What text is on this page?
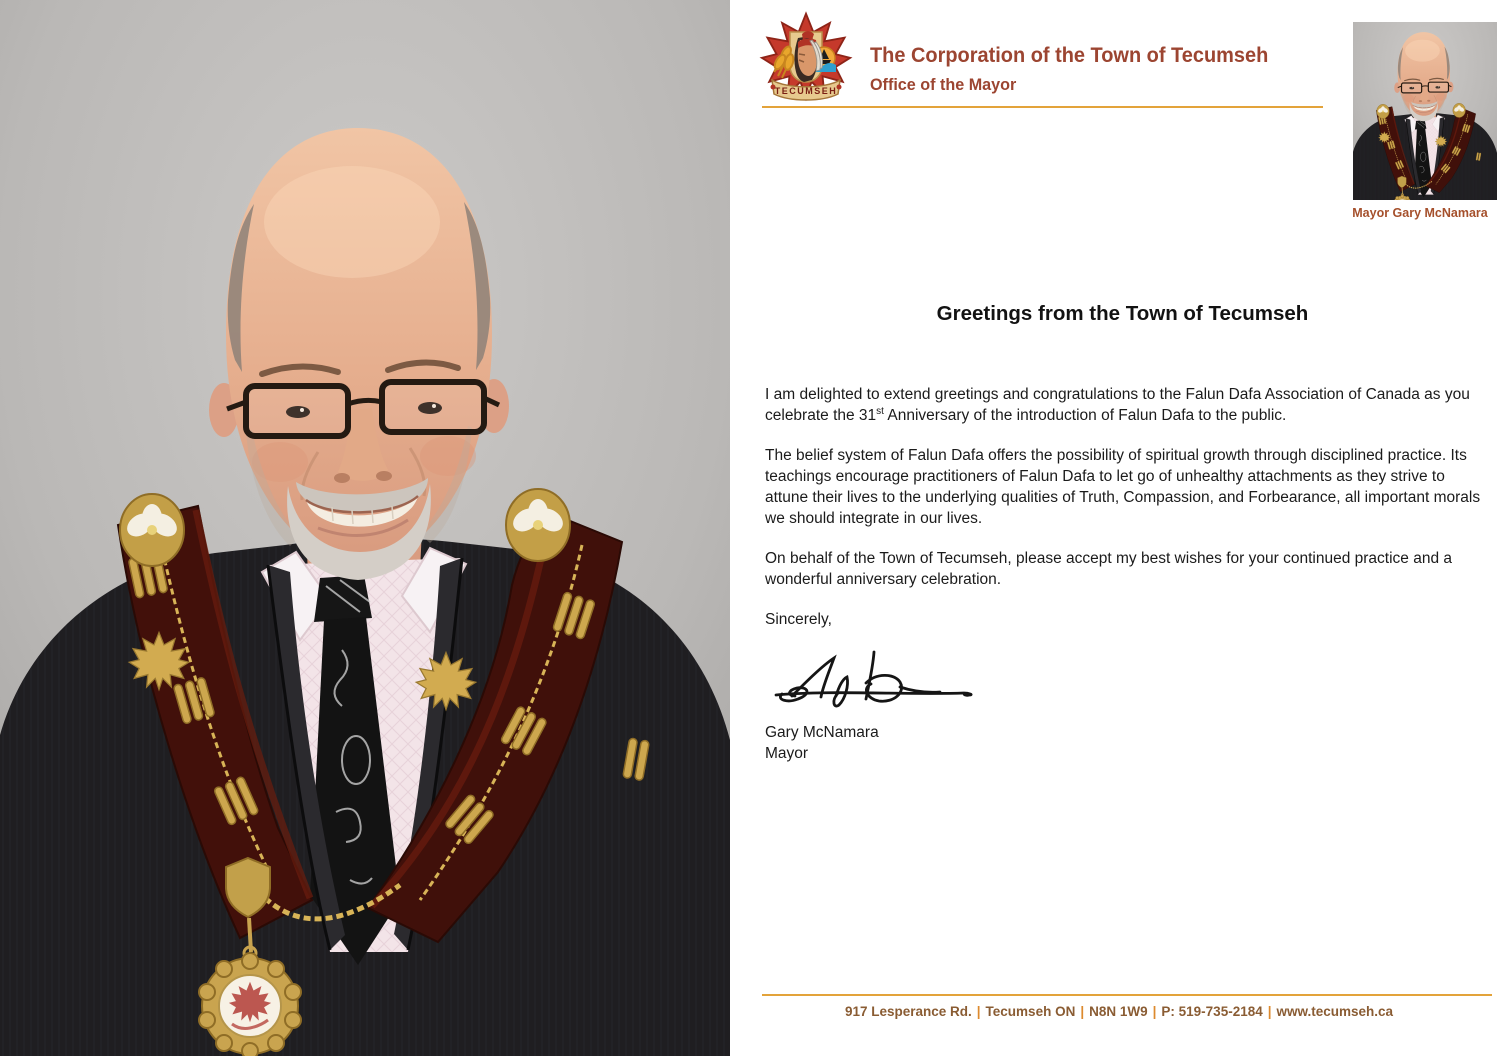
TECUMSEH
The Corporation of the Town of Tecumseh
Office of the Mayor
Mayor Gary McNamara
Greetings from the Town of Tecumseh

I am delighted to extend greetings and congratulations to the Falun Dafa Association of Canada as you celebrate the 31st Anniversary of the introduction of Falun Dafa to the public.

The belief system of Falun Dafa offers the possibility of spiritual growth through disciplined practice. Its teachings encourage practitioners of Falun Dafa to let go of unhealthy attachments as they strive to attune their lives to the underlying qualities of Truth, Compassion, and Forbearance, all important morals we should integrate in our lives.

On behalf of the Town of Tecumseh, please accept my best wishes for your continued practice and a wonderful anniversary celebration.

Sincerely,

Gary McNamara
Mayor
917 Lesperance Rd. | Tecumseh ON | N8N 1W9 | P: 519-735-2184 | www.tecumseh.ca
